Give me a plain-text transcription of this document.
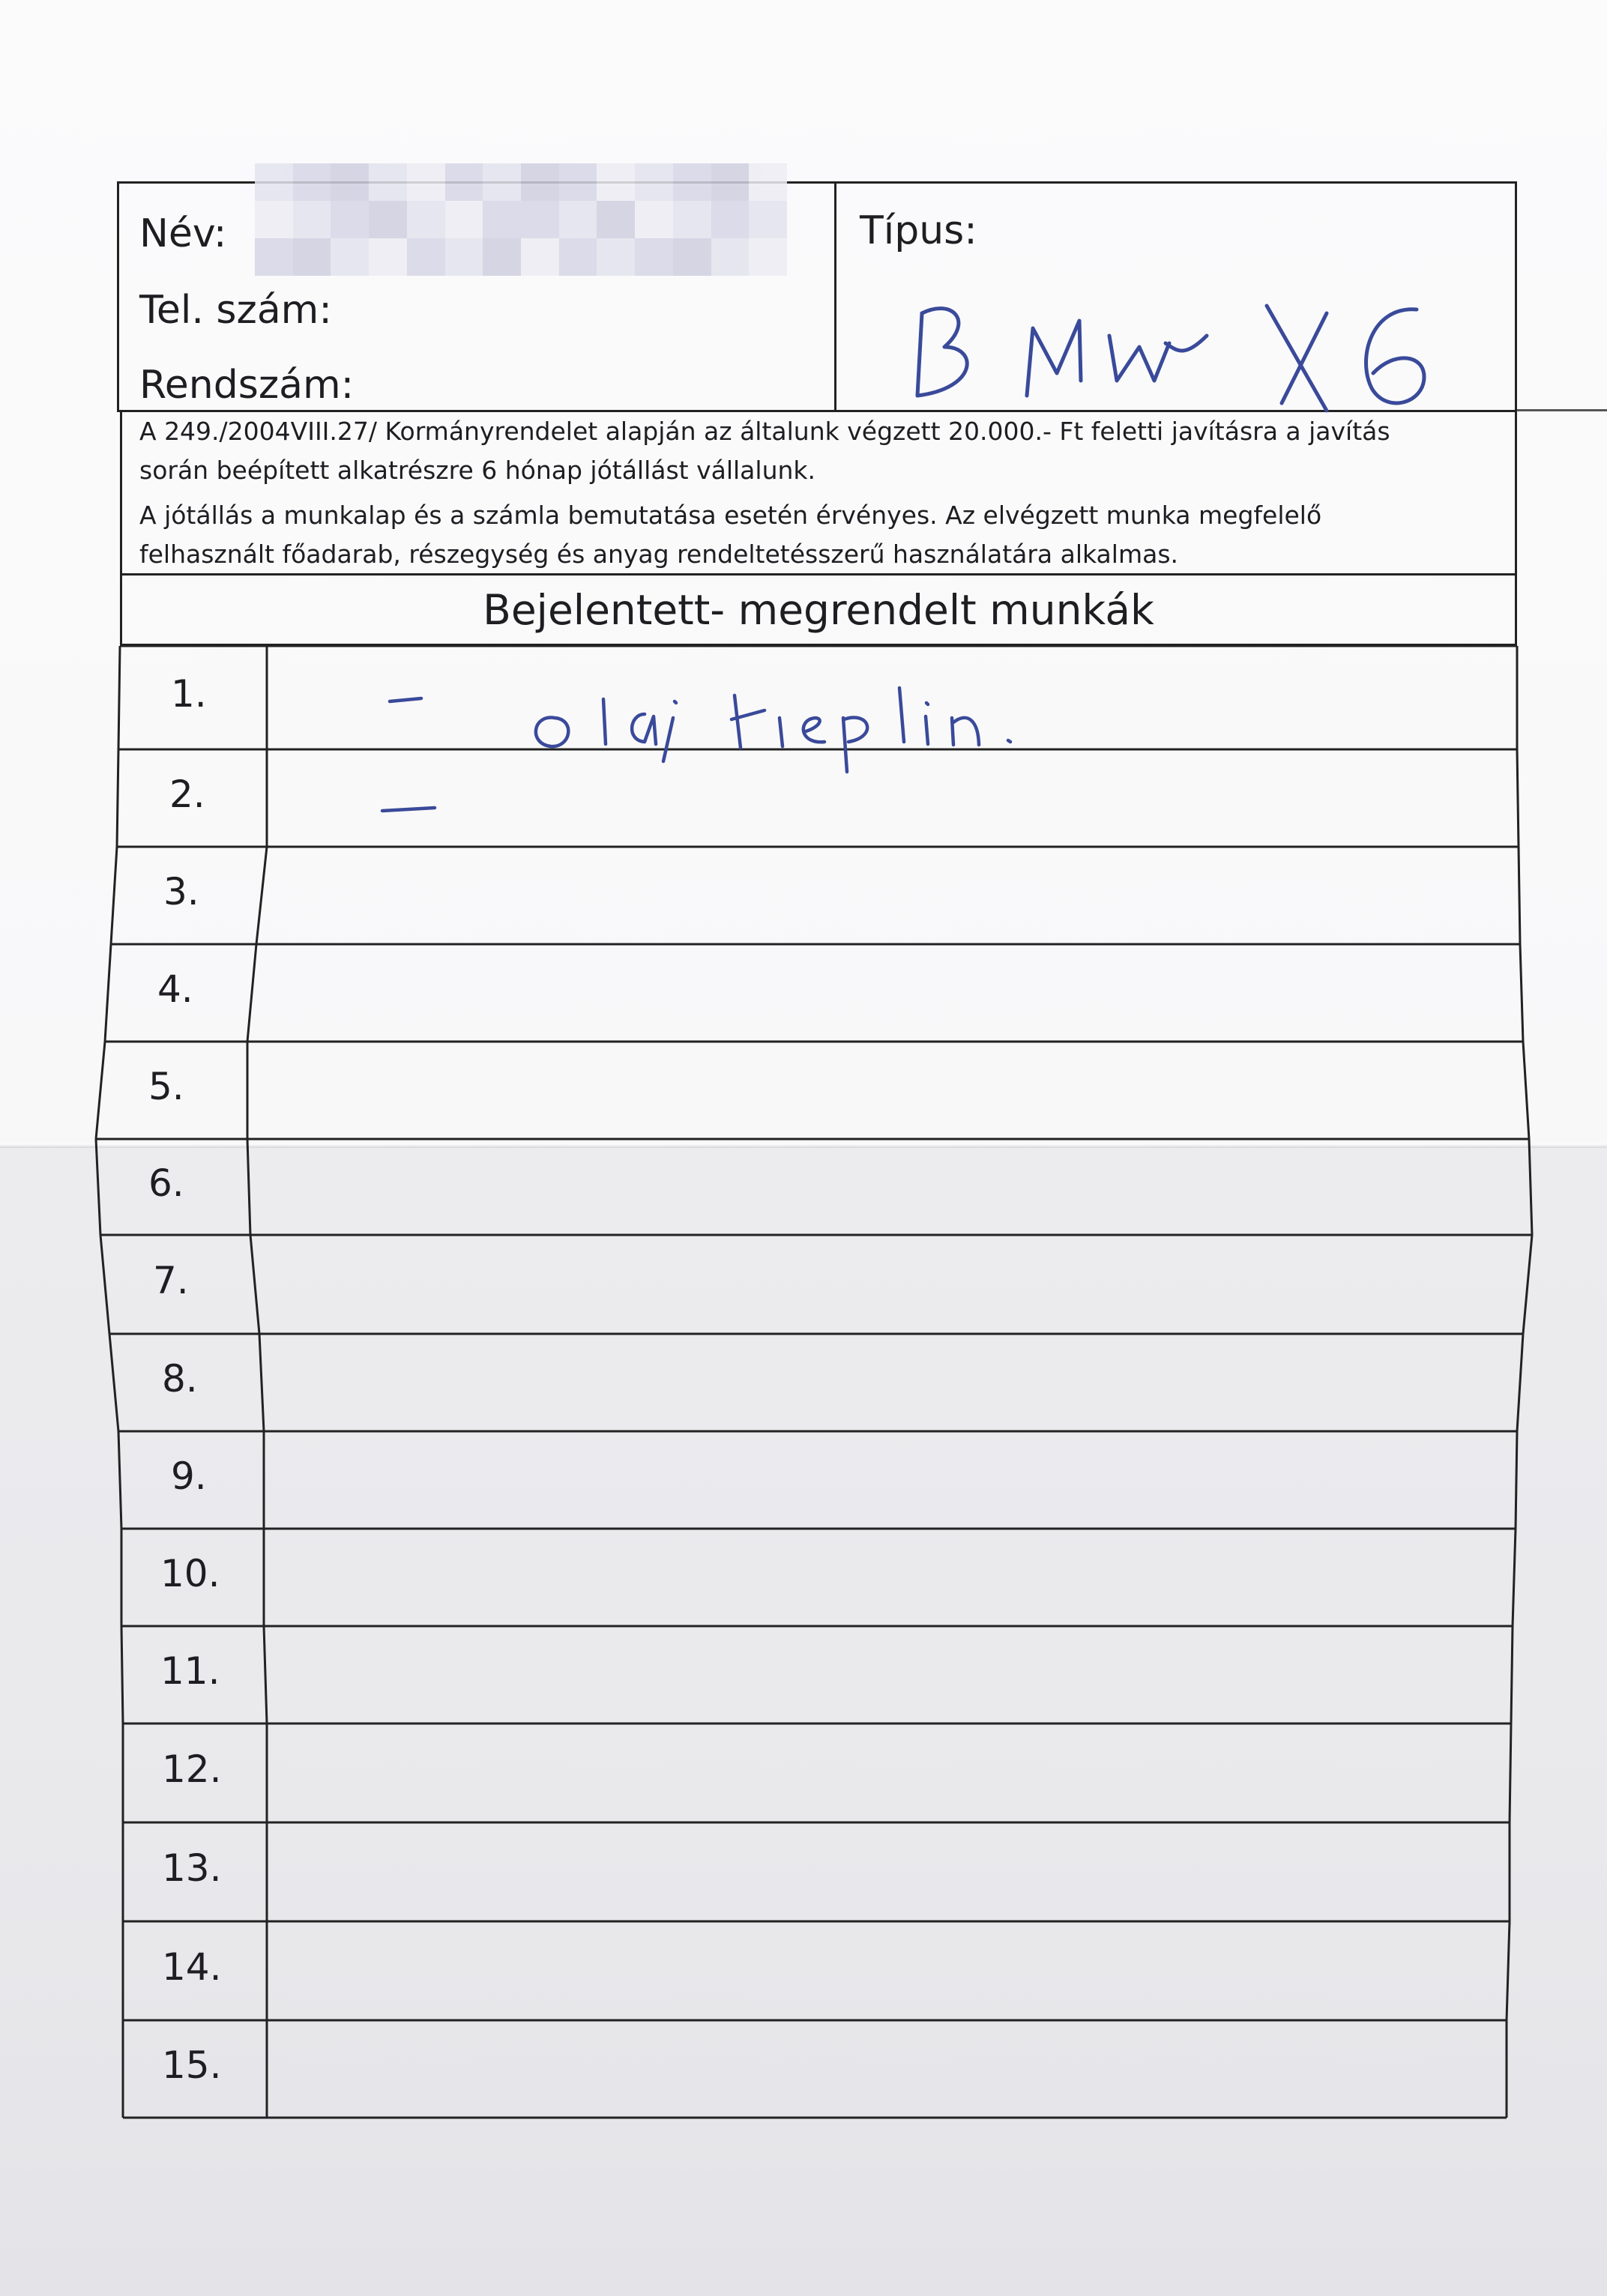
Név:
Tel. szám:
Rendszám:
Típus:
A 249./2004VIII.27/ Kormányrendelet alapján az általunk végzett 20.000.- Ft feletti javításra a javítás
során beépített alkatrészre 6 hónap jótállást vállalunk.
A jótállás a munkalap és a számla bemutatása esetén érvényes. Az elvégzett munka megfelelő
felhasznált főadarab, részegység és anyag rendeltetésszerű használatára alkalmas.
Bejelentett- megrendelt munkák
1.
2.
3.
4.
5.
6.
7.
8.
9.
10.
11.
12.
13.
14.
15.
